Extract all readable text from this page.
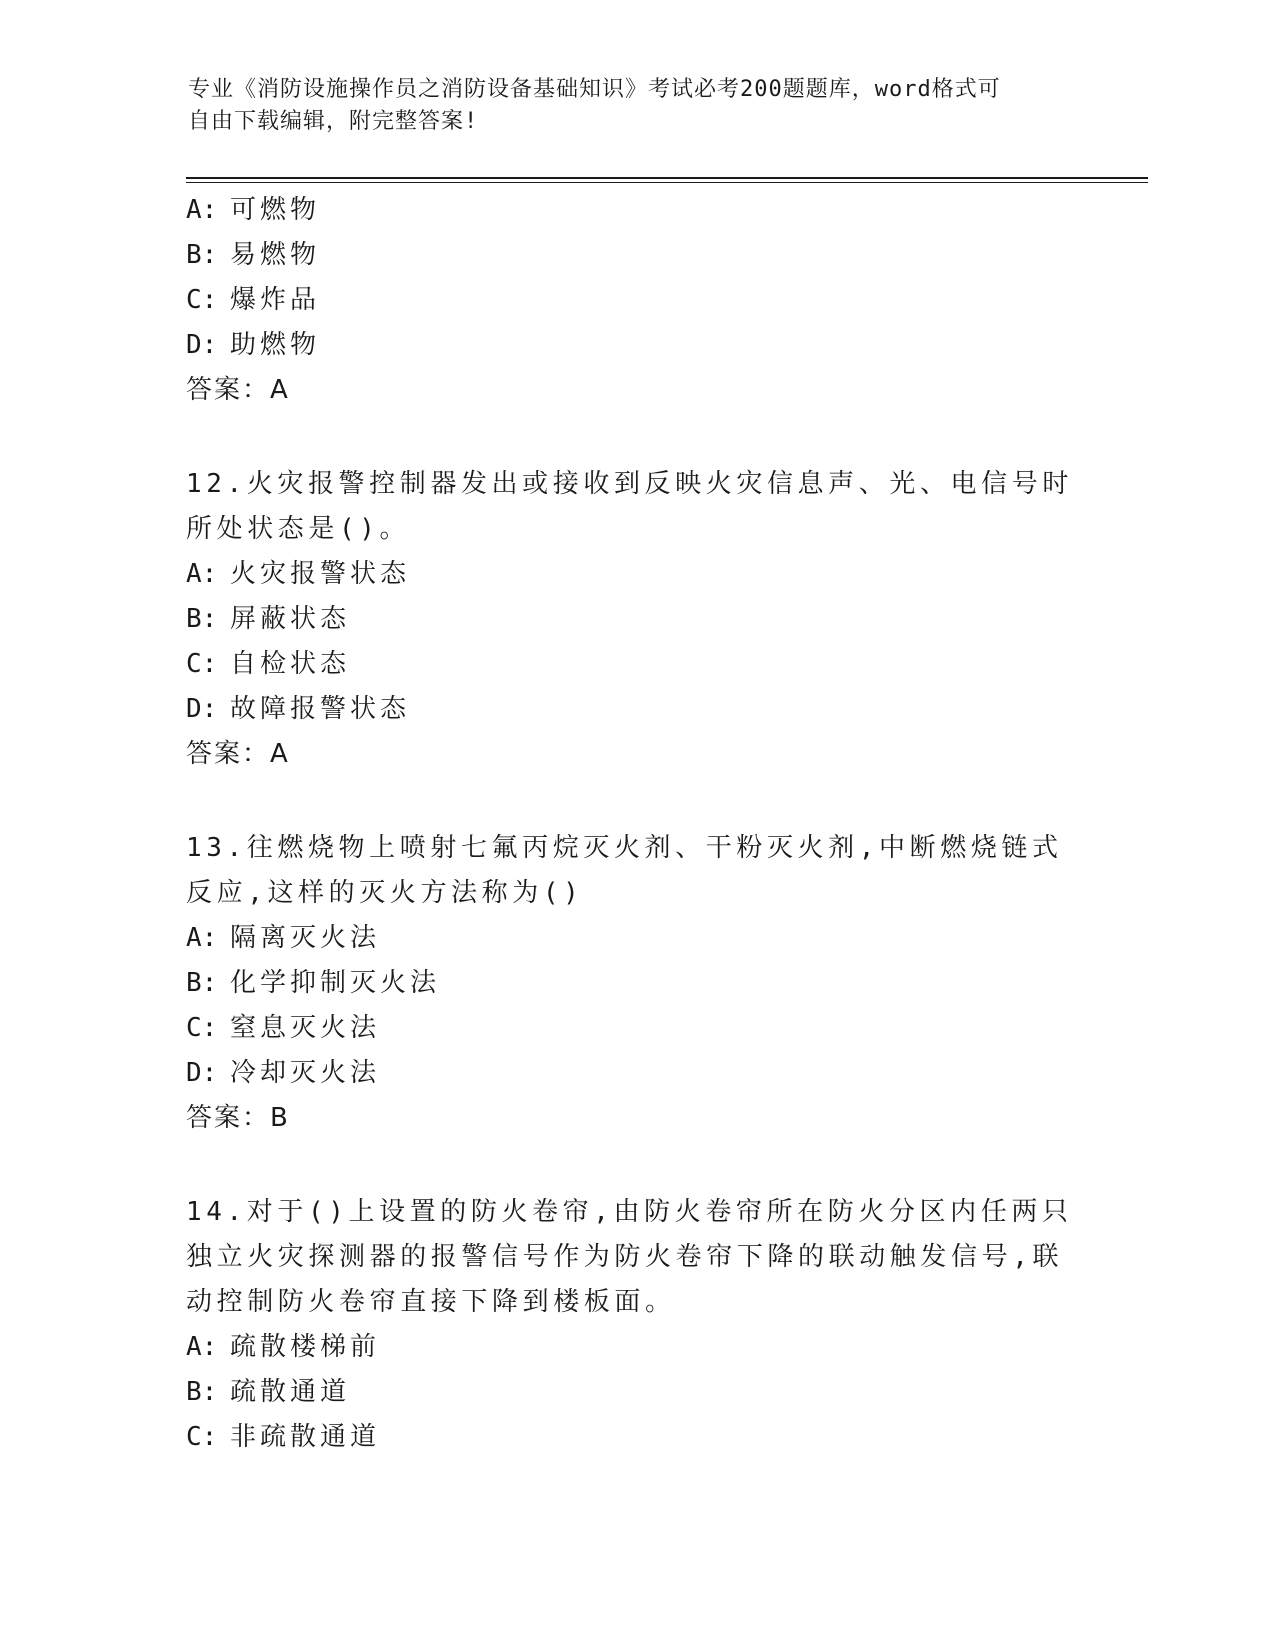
专业《消防设施操作员之消防设备基础知识》考试必考200题题库，word格式可
自由下载编辑，附完整答案!
A: 可燃物
B: 易燃物
C: 爆炸品
D: 助燃物
答案：A
12.火灾报警控制器发出或接收到反映火灾信息声、光、电信号时所处状态是()。
A: 火灾报警状态
B: 屏蔽状态
C: 自检状态
D: 故障报警状态
答案：A
13.往燃烧物上喷射七氟丙烷灭火剂、干粉灭火剂,中断燃烧链式反应,这样的灭火方法称为()
A: 隔离灭火法
B: 化学抑制灭火法
C: 窒息灭火法
D: 冷却灭火法
答案：B
14.对于()上设置的防火卷帘,由防火卷帘所在防火分区内任两只独立火灾探测器的报警信号作为防火卷帘下降的联动触发信号,联动控制防火卷帘直接下降到楼板面。
A: 疏散楼梯前
B: 疏散通道
C: 非疏散通道
